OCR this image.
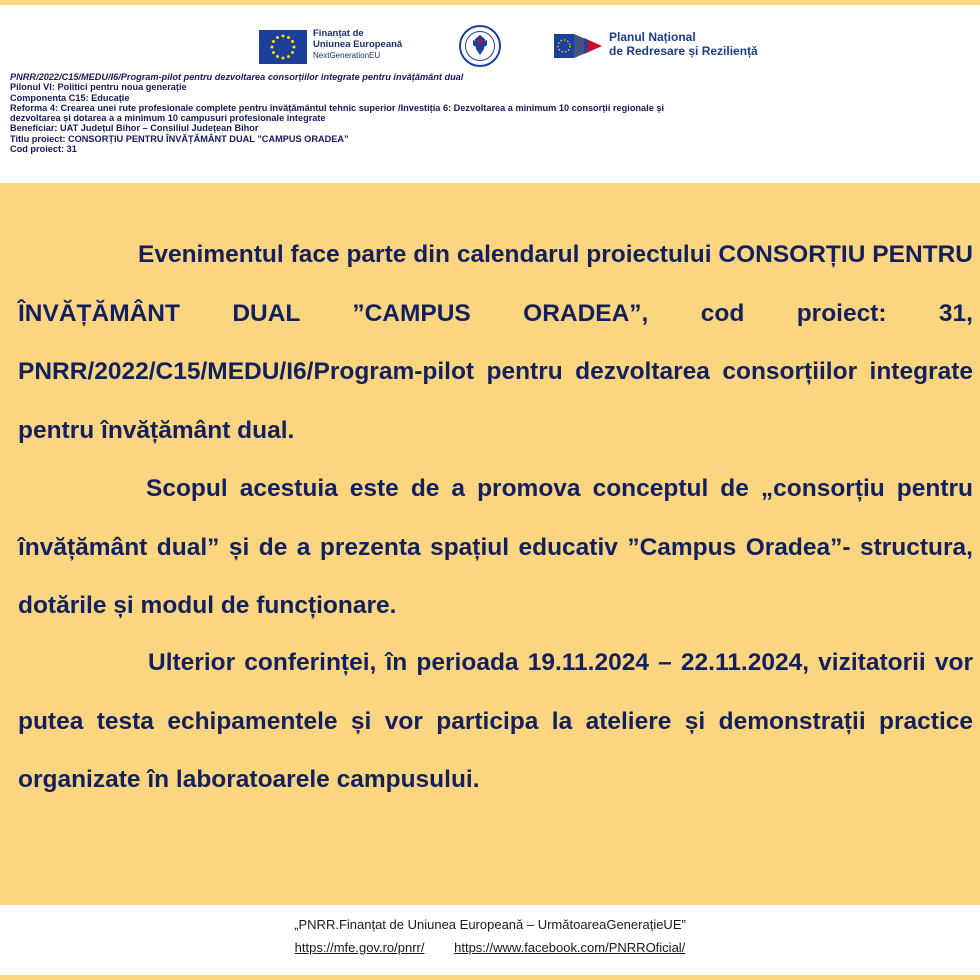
Finanțat de
Uniunea Europeană
NextGenerationEU
Planul Național
de Redresare și Reziliență
PNRR/2022/C15/MEDU/I6/Program-pilot pentru dezvoltarea consorțiilor integrate pentru învățământ dual
Pilonul VI: Politici pentru noua generație
Componenta C15: Educație
Reforma 4: Crearea unei rute profesionale complete pentru învățământul tehnic superior /Investiția 6: Dezvoltarea a minimum 10 consorții regionale și
dezvoltarea și dotarea a a minimum 10 campusuri profesionale integrate
Beneficiar: UAT Județul Bihor – Consiliul Județean Bihor
Titlu proiect: CONSORȚIU PENTRU ÎNVĂȚĂMÂNT DUAL ”CAMPUS ORADEA”
Cod proiect: 31
Evenimentul face parte din calendarul proiectului CONSORȚIU PENTRU ÎNVĂȚĂMÂNT DUAL ”CAMPUS ORADEA”, cod proiect: 31, PNRR/2022/C15/MEDU/I6/Program-pilot pentru dezvoltarea consorțiilor integrate pentru învățământ dual.
Scopul acestuia este de a promova conceptul de „consorțiu pentru învățământ dual” și de a prezenta spațiul educativ ”Campus Oradea”- structura, dotările și modul de funcționare.
Ulterior conferinței, în perioada 19.11.2024 – 22.11.2024, vizitatorii vor putea testa echipamentele și vor participa la ateliere și demonstrații practice organizate în laboratoarele campusului.
„PNRR.Finanțat de Uniunea Europeană – UrmătoareaGenerațieUE”
https://mfe.gov.ro/pnrr/ https://www.facebook.com/PNRROficial/
